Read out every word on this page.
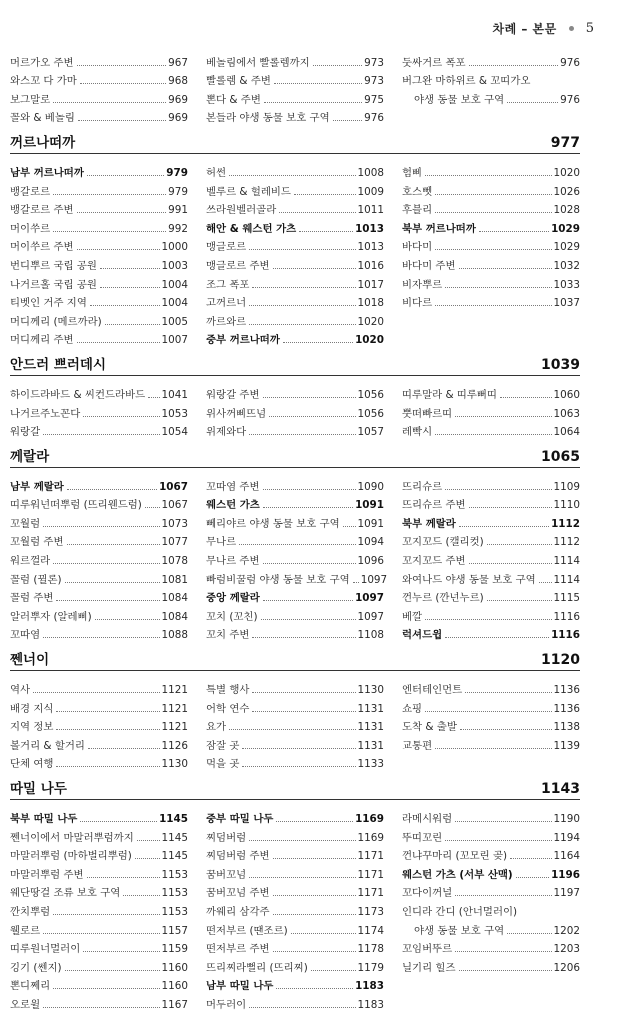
차례 – 본문 5
머르가오 주변	967
와스꼬 다 가마	968
보그말로	969
꼴와 & 베놀림	969
베놀림에서 빨롤렘까지	973
빨롤렘 & 주변	973
뽄다 & 주변	975
본들라 야생 동물 보호 구역	976
둣싸거르 폭포	976
버그완 마하위르 & 꼬띠가오
야생 동물 보호 구역	976
꺼르나떠까	977
남부 꺼르나떠까	979
뱅갈로르	979
뱅갈로르 주변	991
머이쑤르	992
머이쑤르 주변	1000
번디뿌르 국립 공원	1003
나거르홀 국립 공원	1004
티벳인 거주 지역	1004
머디께리 (메르까라)	1005
머디께리 주변	1007
허썬	1008
벨루르 & 헐레비드	1009
쓰라원벨러골라	1011
해안 & 웨스턴 가츠	1013
맹글로르	1013
맹글로르 주변	1016
조그 폭포	1017
고꺼르너	1018
까르와르	1020
중부 꺼르나떠까	1020
험삐	1020
호스뻿	1026
후블리	1028
북부 꺼르나떠까	1029
바다미	1029
바다미 주변	1032
비자뿌르	1033
비다르	1037
안드러 쁘러데시	1039
하이드라바드 & 씨컨드라바드 1041
나거르주노꼰다	1053
워랑갈	1054
워랑갈 주변	1056
위사꺼삐뜨넘	1056
위제와다	1057
띠루말라 & 띠루뻐띠	1060
뿟떠빠르띠	1063
레빡시	1064
께랄라	1065
남부 께랄라	1067
띠루워넌떠뿌럼 (뜨리웬드럼) 1067
꼬월럼	1073
꼬월럼 주변	1077
워르껄라	1078
꼴럼 (뀔론)	1081
꼴럼 주변	1084
알러뿌자 (알레삐)	1084
꼬따염	1088
꼬따염 주변	1090
웨스턴 가츠	1091
뻬리야르 야생 동물 보호 구역 1091
무나르	1094
무나르 주변	1096
빠럼비꿀럼 야생 동물 보호 구역 1097
중앙 께랄라	1097
꼬치 (꼬친)	1097
꼬치 주변	1108
뜨리슈르	1109
뜨리슈르 주변	1110
북부 께랄라	1112
꼬지꼬드 (캘리컷)	1112
꼬지꼬드 주변	1114
와여나드 야생 동물 보호 구역 1114
껀누르 (깐넌누르)	1115
베깔	1116
럭셔드윕	1116
쩬너이	1120
역사	1121
배경 지식	1121
지역 정보	1121
볼거리 & 할거리	1126
단체 여행	1130
특별 행사	1130
어학 연수	1131
요가	1131
잠잘 곳	1131
먹을 곳	1133
엔터테인먼트	1136
쇼핑	1136
도착 & 출발	1138
교통편	1139
따밀 나두	1143
북부 따밀 나두	1145
쩬너이에서 마말러뿌럼까지	1145
마말러뿌럼 (마하벌리뿌럼)	1145
마말러뿌럼 주변	1153
웨단땅걸 조류 보호 구역	1153
깐치뿌럼	1153
웰로르	1157
띠루원너멀러이	1159
깅기 (쎈지)	1160
뽄디쩨리	1160
오로윌	1167
중부 따밀 나두	1169
찌덤버럼	1169
찌덤버럼 주변	1171
꿈버꼬넘	1171
꿈버꼬넘 주변	1171
까웨리 삼각주	1173
떤저부르 (땐조르)	1174
떤저부르 주변	1178
뜨리찌라뻘리 (뜨리찌)	1179
남부 따밀 나두	1183
머두러이	1183
라메시워럼	1190
뚜띠꼬린	1194
껀냐꾸마리 (꼬모린 곶)	1164
웨스턴 가츠 (서부 산맥)	1196
꼬다이꺼널	1197
인디라 간디 (안너멀러이)
야생 동물 보호 구역	1202
꼬임버뚜르	1203
닐기리 힐즈	1206
